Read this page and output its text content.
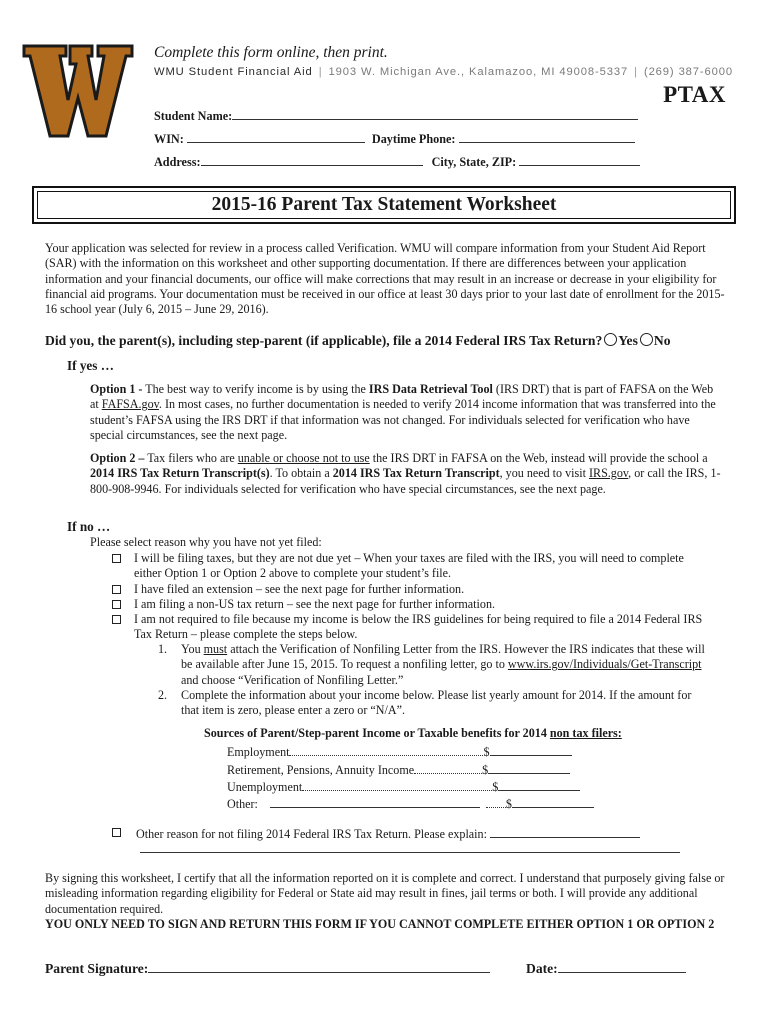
Complete this form online, then print.
WMU Student Financial Aid | 1903 W. Michigan Ave., Kalamazoo, MI 49008-5337 | (269) 387-6000
PTAX
Student Name:
WIN:	Daytime Phone:
Address:	City, State, ZIP:
2015-16 Parent Tax Statement Worksheet
Your application was selected for review in a process called Verification. WMU will compare information from your Student Aid Report (SAR) with the information on this worksheet and other supporting documentation. If there are differences between your application information and your financial documents, our office will make corrections that may result in an increase or decrease in your eligibility for financial aid programs. Your documentation must be received in our office at least 30 days prior to your last date of enrollment for the 2015-16 school year (July 6, 2015 – June 29, 2016).
Did you, the parent(s), including step-parent (if applicable), file a 2014 Federal IRS Tax Return? Yes No
If yes …
Option 1 - The best way to verify income is by using the IRS Data Retrieval Tool (IRS DRT) that is part of FAFSA on the Web at FAFSA.gov. In most cases, no further documentation is needed to verify 2014 income information that was transferred into the student’s FAFSA using the IRS DRT if that information was not changed. For individuals selected for verification who have special circumstances, see the next page.
Option 2 – Tax filers who are unable or choose not to use the IRS DRT in FAFSA on the Web, instead will provide the school a 2014 IRS Tax Return Transcript(s). To obtain a 2014 IRS Tax Return Transcript, you need to visit IRS.gov, or call the IRS, 1-800-908-9946. For individuals selected for verification who have special circumstances, see the next page.
If no …
Please select reason why you have not yet filed:
I will be filing taxes, but they are not due yet – When your taxes are filed with the IRS, you will need to complete either Option 1 or Option 2 above to complete your student’s file.
I have filed an extension – see the next page for further information.
I am filing a non-US tax return – see the next page for further information.
I am not required to file because my income is below the IRS guidelines for being required to file a 2014 Federal IRS Tax Return – please complete the steps below.
1.	You must attach the Verification of Nonfiling Letter from the IRS. However the IRS indicates that these will be available after June 15, 2015. To request a nonfiling letter, go to www.irs.gov/Individuals/Get-Transcript and choose “Verification of Nonfiling Letter.”
2.	Complete the information about your income below. Please list yearly amount for 2014. If the amount for that item is zero, please enter a zero or “N/A”.
Sources of Parent/Step-parent Income or Taxable benefits for 2014 non tax filers:
Employment	$
Retirement, Pensions, Annuity Income	$
Unemployment	$
Other:	$
Other reason for not filing 2014 Federal IRS Tax Return. Please explain:
By signing this worksheet, I certify that all the information reported on it is complete and correct. I understand that purposely giving false or misleading information regarding eligibility for Federal or State aid may result in fines, jail terms or both. I will provide any additional documentation required.
YOU ONLY NEED TO SIGN AND RETURN THIS FORM IF YOU CANNOT COMPLETE EITHER OPTION 1 OR OPTION 2
Parent Signature:	Date:
